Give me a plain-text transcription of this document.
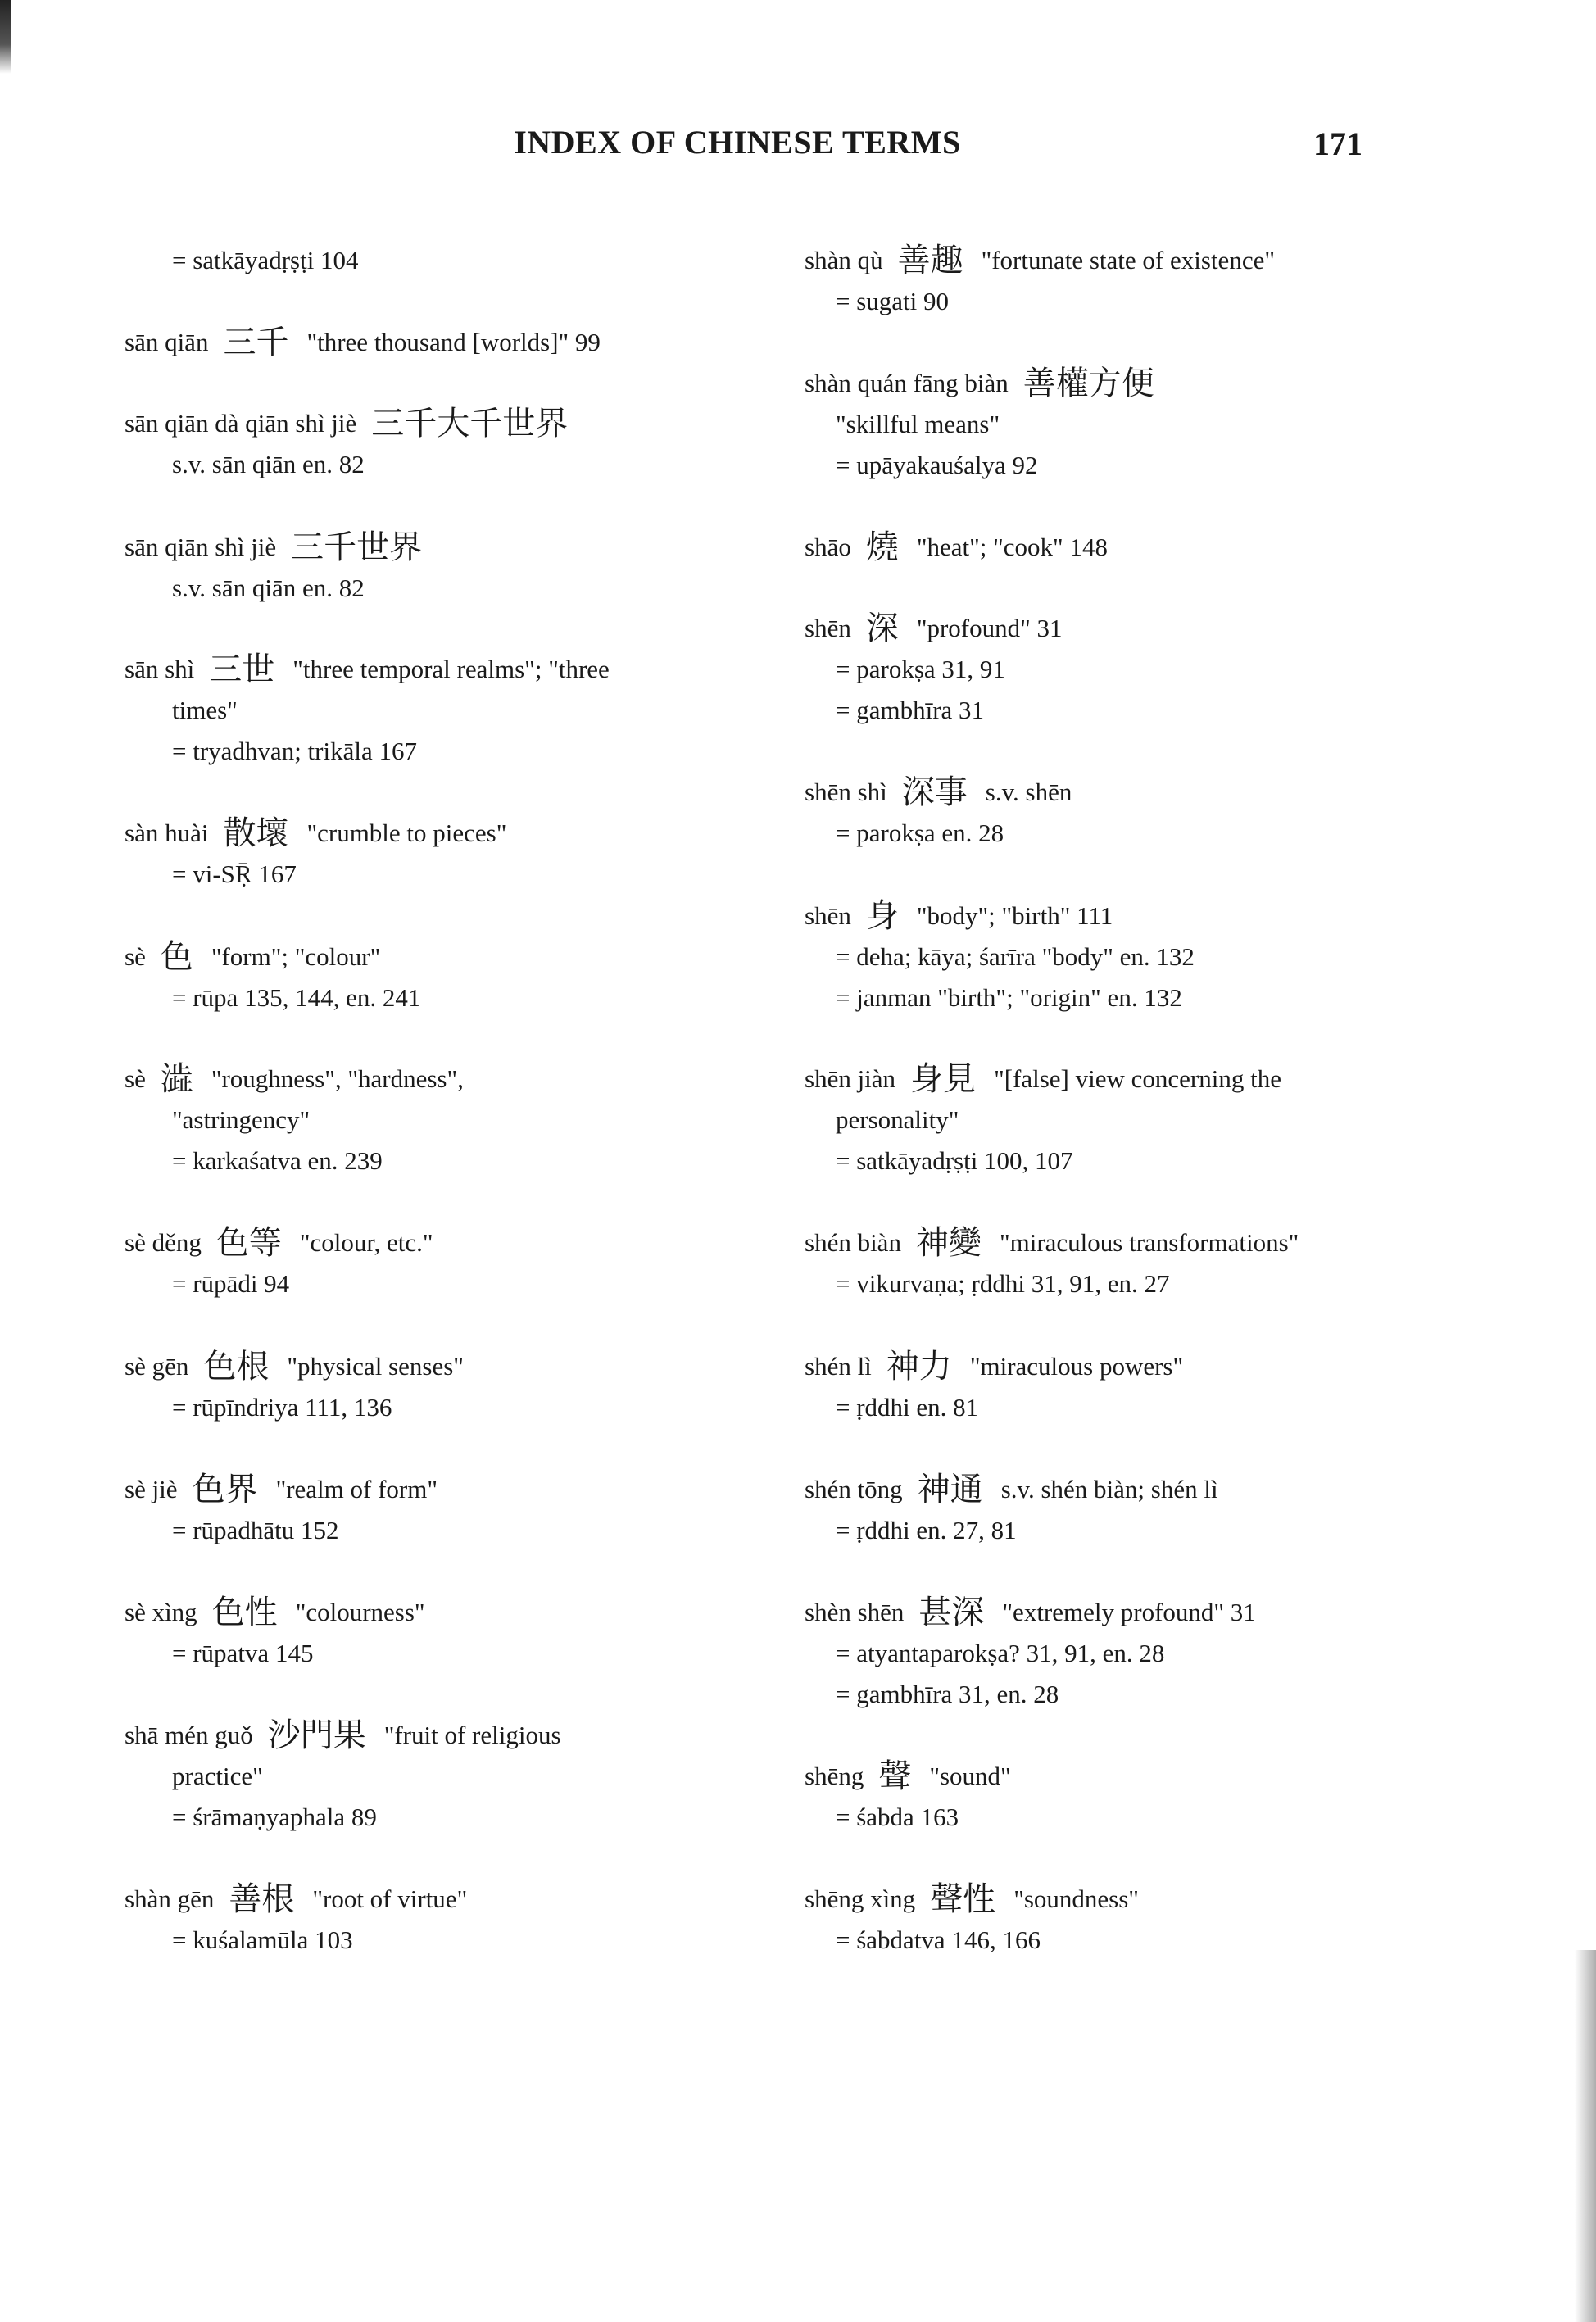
INDEX OF CHINESE TERMS	171
= satkāyadṛṣṭi 104
sān qiān 三千 "three thousand [worlds]" 99
sān qiān dà qiān shì jiè 三千大千世界
s.v. sān qiān en. 82
sān qiān shì jiè 三千世界
s.v. sān qiān en. 82
sān shì 三世 "three temporal realms"; "three
times"
= tryadhvan; trikāla 167
sàn huài 散壞 "crumble to pieces"
= vi-SṜ 167
sè 色 "form"; "colour"
= rūpa 135, 144, en. 241
sè 澁 "roughness", "hardness",
"astringency"
= karkaśatva en. 239
sè děng 色等 "colour, etc."
= rūpādi 94
sè gēn 色根 "physical senses"
= rūpīndriya 111, 136
sè jiè 色界 "realm of form"
= rūpadhātu 152
sè xìng 色性 "colourness"
= rūpatva 145
shā mén guǒ 沙門果 "fruit of religious
practice"
= śrāmaṇyaphala 89
shàn gēn 善根 "root of virtue"
= kuśalamūla 103
shàn qù 善趣 "fortunate state of existence"
= sugati 90
shàn quán fāng biàn 善權方便
"skillful means"
= upāyakauśalya 92
shāo 燒 "heat"; "cook" 148
shēn 深 "profound" 31
= parokṣa 31, 91
= gambhīra 31
shēn shì 深事 s.v. shēn
= parokṣa en. 28
shēn 身 "body"; "birth" 111
= deha; kāya; śarīra "body" en. 132
= janman "birth"; "origin" en. 132
shēn jiàn 身見 "[false] view concerning the
personality"
= satkāyadṛṣṭi 100, 107
shén biàn 神變 "miraculous transformations"
= vikurvaṇa; ṛddhi 31, 91, en. 27
shén lì 神力 "miraculous powers"
= ṛddhi en. 81
shén tōng 神通 s.v. shén biàn; shén lì
= ṛddhi en. 27, 81
shèn shēn 甚深 "extremely profound" 31
= atyantaparokṣa? 31, 91, en. 28
= gambhīra 31, en. 28
shēng 聲 "sound"
= śabda 163
shēng xìng 聲性 "soundness"
= śabdatva 146, 166
